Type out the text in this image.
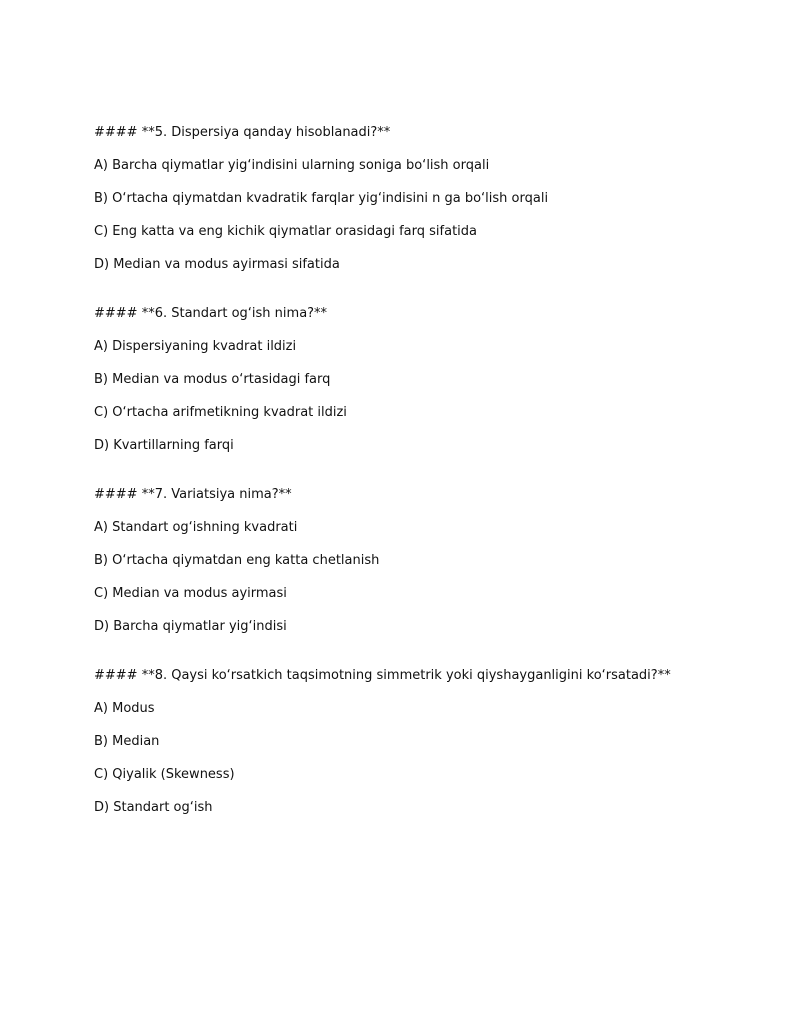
#### **5. Dispersiya qanday hisoblanadi?**

A) Barcha qiymatlar yig‘indisini ularning soniga bo‘lish orqali

B) O‘rtacha qiymatdan kvadratik farqlar yig‘indisini n ga bo‘lish orqali

C) Eng katta va eng kichik qiymatlar orasidagi farq sifatida

D) Median va modus ayirmasi sifatida

#### **6. Standart og‘ish nima?**

A) Dispersiyaning kvadrat ildizi

B) Median va modus o‘rtasidagi farq

C) O‘rtacha arifmetikning kvadrat ildizi

D) Kvartillarning farqi

#### **7. Variatsiya nima?**

A) Standart og‘ishning kvadrati

B) O‘rtacha qiymatdan eng katta chetlanish

C) Median va modus ayirmasi

D) Barcha qiymatlar yig‘indisi

#### **8. Qaysi ko‘rsatkich taqsimotning simmetrik yoki qiyshayganligini ko‘rsatadi?**

A) Modus

B) Median

C) Qiyalik (Skewness)

D) Standart og‘ish
